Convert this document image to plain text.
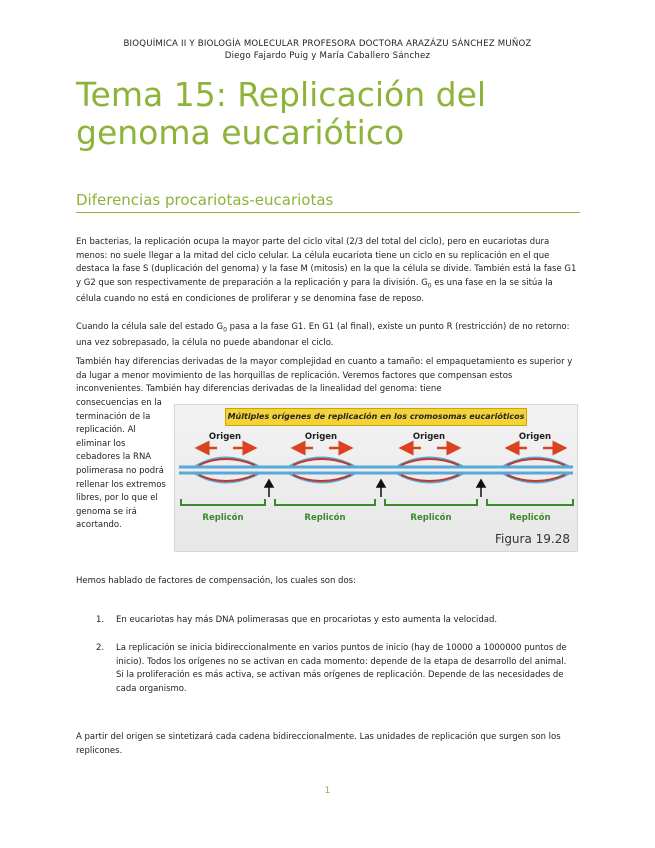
BIOQUÍMICA II Y BIOLOGÍA MOLECULAR PROFESORA DOCTORA ARAZÁZU SÁNCHEZ MUÑOZ
Diego Fajardo Puig y María Caballero Sánchez
Tema 15: Replicación del genoma eucariótico
Diferencias procariotas-eucariotas

En bacterias, la replicación ocupa la mayor parte del ciclo vital (2/3 del total del ciclo), pero en eucariotas dura menos: no suele llegar a la mitad del ciclo celular. La célula eucariota tiene un ciclo en su replicación en el que destaca la fase S (duplicación del genoma) y la fase M (mitosis) en la que la célula se divide. También está la fase G1 y G2 que son respectivamente de preparación a la replicación y para la división. $G_0$ es una fase en la se sitúa la célula cuando no está en condiciones de proliferar y se denomina fase de reposo.

Cuando la célula sale del estado $G_0$ pasa a la fase G1. En G1 (al final), existe un punto R (restricción) de no retorno: una vez sobrepasado, la célula no puede abandonar el ciclo.

También hay diferencias derivadas de la mayor complejidad en cuanto a tamaño: el empaquetamiento es superior y da lugar a menor movimiento de las horquillas de replicación. Veremos factores que compensan estos inconvenientes. También hay diferencias derivadas de la linealidad del genoma: tiene

consecuencias en la terminación de la replicación. Al eliminar los cebadores la RNA polimerasa no podrá rellenar los extremos libres, por lo que el genoma se irá acortando.

Múltiples orígenes de replicación en los cromosomas eucarióticos
Origen	Origen	Origen	Origen
Replicón	Replicón	Replicón	Replicón
Figura 19.28

Hemos hablado de factores de compensación, los cuales son dos:

1.	En eucariotas hay más DNA polimerasas que en procariotas y esto aumenta la velocidad.
2.	La replicación se inicia bidireccionalmente en varios puntos de inicio (hay de 10000 a 1000000 puntos de inicio). Todos los orígenes no se activan en cada momento: depende de la etapa de desarrollo del animal. Si la proliferación es más activa, se activan más orígenes de replicación. Depende de las necesidades de cada organismo.

A partir del origen se sintetizará cada cadena bidireccionalmente. Las unidades de replicación que surgen son los replicones.

1
